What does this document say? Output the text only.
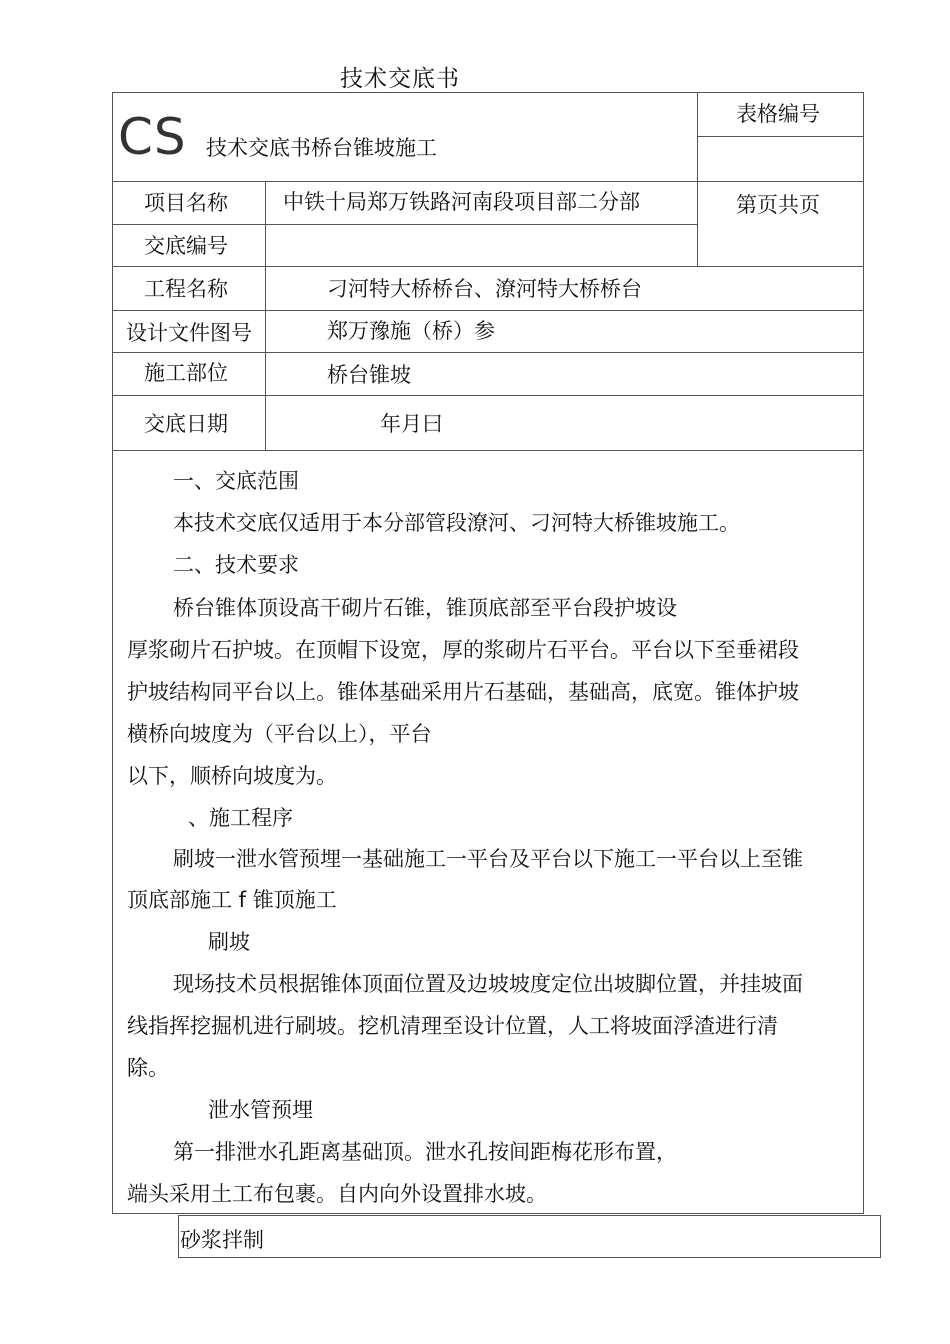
技术交底书
CS 技术交底书桥台锥坡施工
表格编号
第页共页
项目名称	中铁十局郑万铁路河南段项目部二分部
交底编号
工程名称	刁河特大桥桥台、潦河特大桥桥台
设计文件图号	郑万豫施（桥）参
施工部位	桥台锥坡
交底日期	年月曰

一、交底范围

本技术交底仅适用于本分部管段潦河、刁河特大桥锥坡施工。

二、技术要求

桥台锥体顶设髙干砌片石锥，锥顶底部至平台段护坡设

厚浆砌片石护坡。在顶帽下设宽，厚的浆砌片石平台。平台以下至垂裙段

护坡结构同平台以上。锥体基础采用片石基础，基础高，底宽。锥体护坡

横桥向坡度为（平台以上），平台

以下，顺桥向坡度为。

、施工程序

刷坡一泄水管预埋一基础施工一平台及平台以下施工一平台以上至锥

顶底部施工 f 锥顶施工

刷坡

现场技术员根据锥体顶面位置及边坡坡度定位出坡脚位置，并挂坡面

线指挥挖掘机进行刷坡。挖机清理至设计位置，人工将坡面浮渣进行清

除。

泄水管预埋

第一排泄水孔距离基础顶。泄水孔按间距梅花形布置，

端头采用土工布包裹。自内向外设置排水坡。

砂浆拌制
